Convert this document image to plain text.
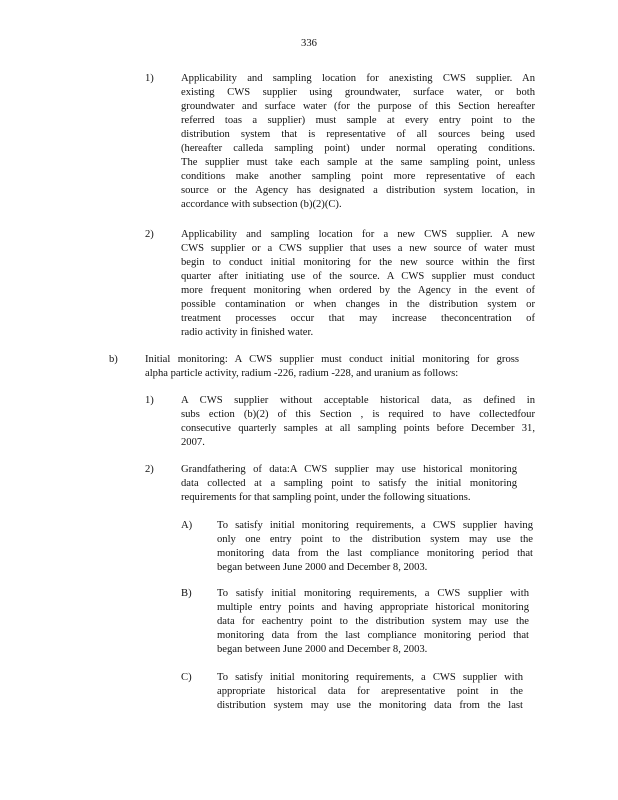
336
1)	Applicability and sampling location for anexisting CWS supplier. An
existing CWS supplier using groundwater, surface water, or both
groundwater and surface water (for the purpose of this Section hereafter
referred toas a supplier) must sample at every entry point to the
distribution system that is representative of all sources being used
(hereafter calleda sampling point) under normal operating conditions.
The supplier must take each sample at the same sampling point, unless
conditions make another sampling point more representative of each
source or the Agency has designated a distribution system location, in
accordance with subsection (b)(2)(C).
2)	Applicability and sampling location for a new CWS supplier. A new
CWS supplier or a CWS supplier that uses a new source of water must
begin to conduct initial monitoring for the new source within the first
quarter after initiating use of the source. A CWS supplier must conduct
more frequent monitoring when ordered by the Agency in the event of
possible contamination or when changes in the distribution system or
treatment processes occur that may increase theconcentration of
radio activity in finished water.
b)	Initial monitoring: A CWS supplier must conduct initial monitoring for gross
alpha particle activity, radium -226, radium -228, and uranium as follows:
1)	A CWS supplier without acceptable historical data, as defined in
subs ection (b)(2) of this Section , is required to have collectedfour
consecutive quarterly samples at all sampling points before December 31,
2007.
2)	Grandfathering of data:A CWS supplier may use historical monitoring
data collected at a sampling point to satisfy the initial monitoring
requirements for that sampling point, under the following situations.
A) To satisfy initial monitoring requirements, a CWS supplier having
only one entry point to the distribution system may use the
monitoring data from the last compliance monitoring period that
began between June 2000 and December 8, 2003.
B) To satisfy initial monitoring requirements, a CWS supplier with
multiple entry points and having appropriate historical monitoring
data for eachentry point to the distribution system may use the
monitoring data from the last compliance monitoring period that
began between June 2000 and December 8, 2003.
C) To satisfy initial monitoring requirements, a CWS supplier with
appropriate historical data for arepresentative point in the
distribution system may use the monitoring data from the last
